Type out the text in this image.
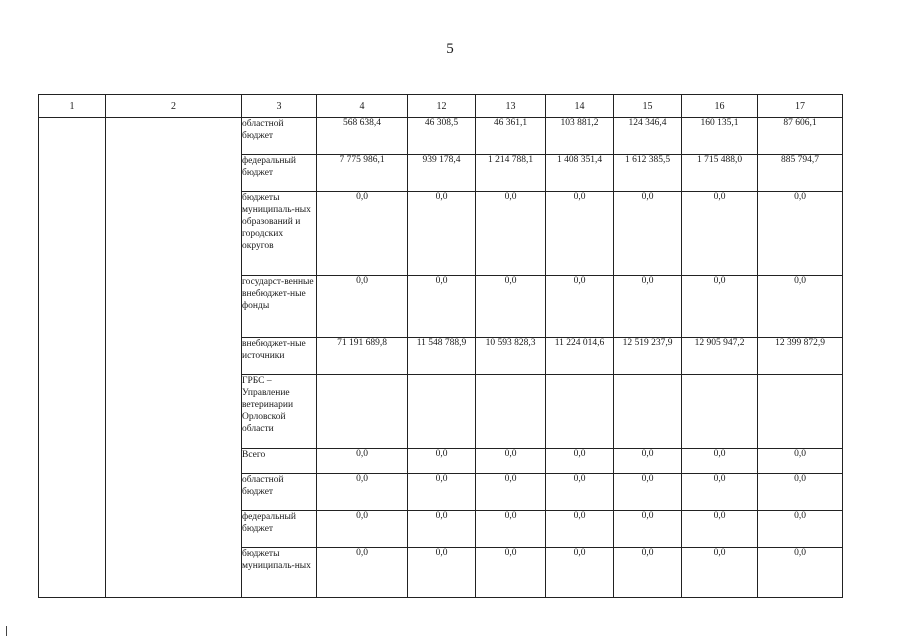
5
1	2	3	4	12	13	14	15	16	17
		областной бюджет	568 638,4	46 308,5	46 361,1	103 881,2	124 346,4	160 135,1	87 606,1
		федеральный бюджет	7 775 986,1	939 178,4	1 214 788,1	1 408 351,4	1 612 385,5	1 715 488,0	885 794,7
		бюджеты муниципаль-ных образований и городских округов	0,0	0,0	0,0	0,0	0,0	0,0	0,0
		государст-венные внебюджет-ные фонды	0,0	0,0	0,0	0,0	0,0	0,0	0,0
		внебюджет-ные источники	71 191 689,8	11 548 788,9	10 593 828,3	11 224 014,6	12 519 237,9	12 905 947,2	12 399 872,9
		ГРБС – Управление ветеринарии Орловской области							
		Всего	0,0	0,0	0,0	0,0	0,0	0,0	0,0
		областной бюджет	0,0	0,0	0,0	0,0	0,0	0,0	0,0
		федеральный бюджет	0,0	0,0	0,0	0,0	0,0	0,0	0,0
		бюджеты муниципаль-ных	0,0	0,0	0,0	0,0	0,0	0,0	0,0
